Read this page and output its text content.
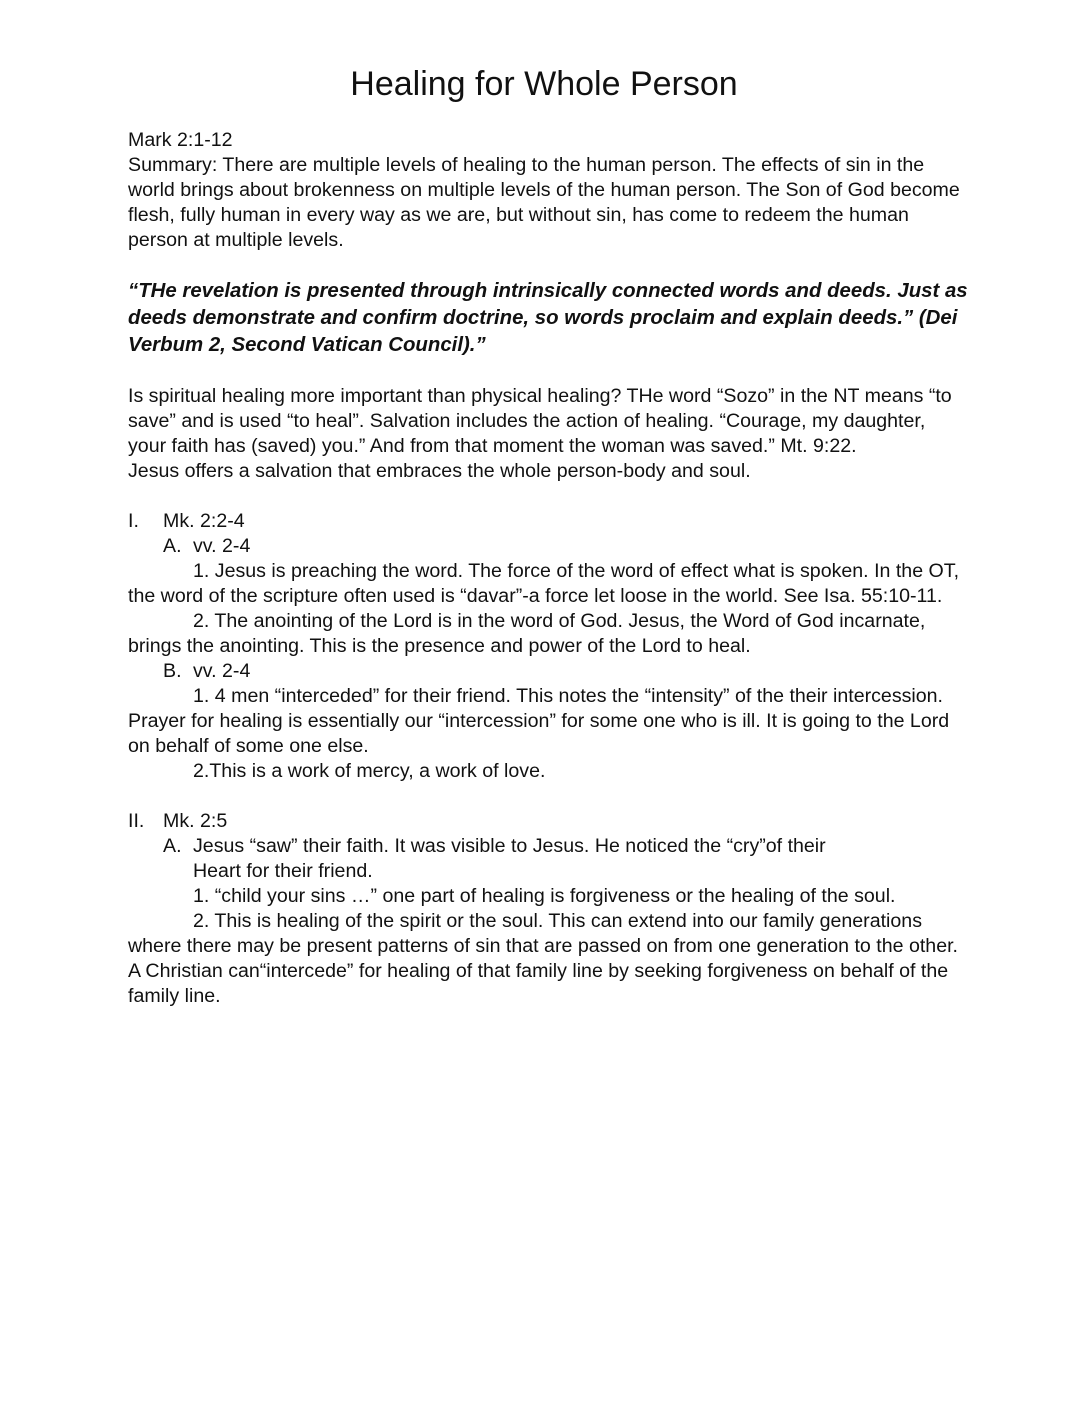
Healing for Whole Person

Mark 2:1-12

Summary: There are multiple levels of healing to the human person. The effects of sin in the world brings about brokenness on multiple levels of the human person. The Son of God become flesh, fully human in every way as we are, but without sin, has come to redeem the human person at multiple levels.

“THe revelation is presented through intrinsically connected words and deeds. Just as deeds demonstrate and confirm doctrine, so words proclaim and explain deeds.” (Dei Verbum 2, Second Vatican Council).”

Is spiritual healing more important than physical healing? THe word “Sozo” in the NT means “to save” and is used “to heal”. Salvation includes the action of healing. “Courage, my daughter, your faith has (saved) you.” And from that moment the woman was saved.” Mt. 9:22.

Jesus offers a salvation that embraces the whole person-body and soul.

I.	Mk. 2:2-4
A. vv. 2-4

1. Jesus is preaching the word. The force of the word of effect what is spoken. In the OT, the word of the scripture often used is “davar”-a force let loose in the world. See Isa. 55:10-11.

2. The anointing of the Lord is in the word of God. Jesus, the Word of God incarnate, brings the anointing. This is the presence and power of the Lord to heal.

B. vv. 2-4

1. 4 men “interceded” for their friend. This notes the “intensity” of the their intercession. Prayer for healing is essentially our “intercession” for some one who is ill. It is going to the Lord on behalf of some one else.

2.This is a work of mercy, a work of love.

II. Mk. 2:5
A. Jesus “saw” their faith. It was visible to Jesus. He noticed the “cry”of their

Heart for their friend.

1. “child your sins …” one part of healing is forgiveness or the healing of the soul.

2. This is healing of the spirit or the soul. This can extend into our family generations where there may be present patterns of sin that are passed on from one generation to the other. A Christian can“intercede” for healing of that family line by seeking forgiveness on behalf of the family line.
